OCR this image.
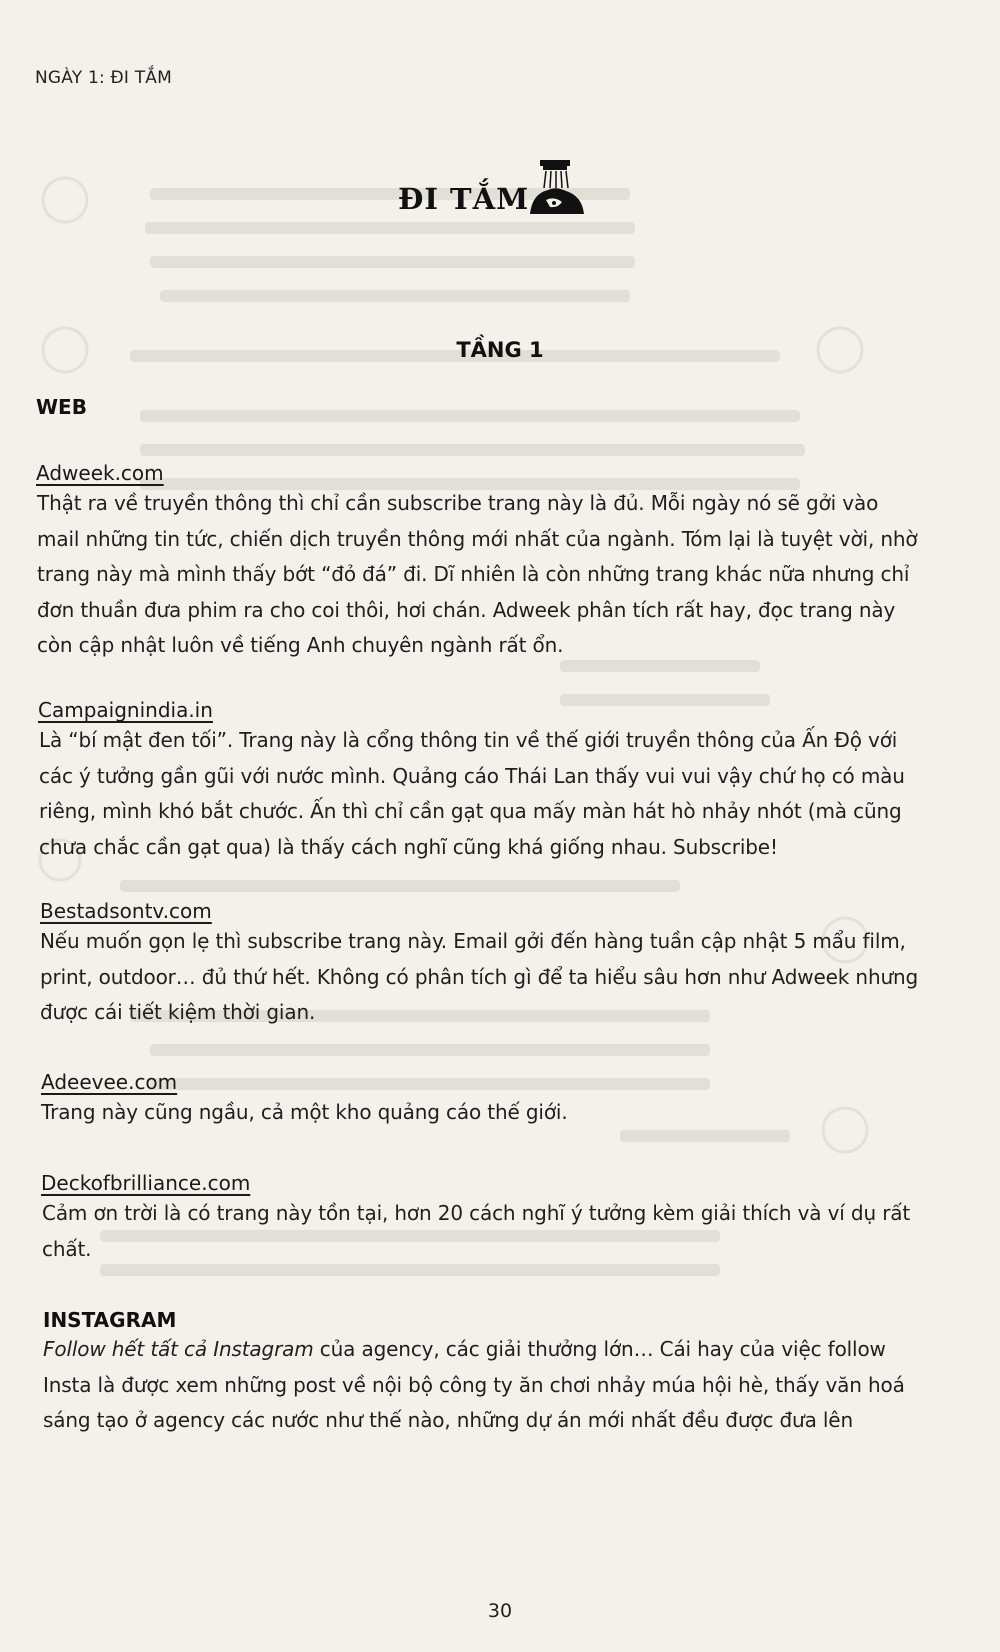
NGÀY 1: ĐI TẮM
ĐI TẮM
TẦNG 1
WEB
Adweek.com
Thật ra về truyền thông thì chỉ cần subscribe trang này là đủ. Mỗi ngày nó sẽ gởi vào mail những tin tức, chiến dịch truyền thông mới nhất của ngành. Tóm lại là tuyệt vời, nhờ trang này mà mình thấy bớt “đỏ đá” đi. Dĩ nhiên là còn những trang khác nữa nhưng chỉ đơn thuần đưa phim ra cho coi thôi, hơi chán. Adweek phân tích rất hay, đọc trang này còn cập nhật luôn về tiếng Anh chuyên ngành rất ổn.
Campaignindia.in
Là “bí mật đen tối”. Trang này là cổng thông tin về thế giới truyền thông của Ấn Độ với các ý tưởng gần gũi với nước mình. Quảng cáo Thái Lan thấy vui vui vậy chứ họ có màu riêng, mình khó bắt chước. Ấn thì chỉ cần gạt qua mấy màn hát hò nhảy nhót (mà cũng chưa chắc cần gạt qua) là thấy cách nghĩ cũng khá giống nhau. Subscribe!
Bestadsontv.com
Nếu muốn gọn lẹ thì subscribe trang này. Email gởi đến hàng tuần cập nhật 5 mẩu film, print, outdoor… đủ thứ hết. Không có phân tích gì để ta hiểu sâu hơn như Adweek nhưng được cái tiết kiệm thời gian.
Adeevee.com
Trang này cũng ngầu, cả một kho quảng cáo thế giới.
Deckofbrilliance.com
Cảm ơn trời là có trang này tồn tại, hơn 20 cách nghĩ ý tưởng kèm giải thích và ví dụ rất chất.
INSTAGRAM
Follow hết tất cả Instagram của agency, các giải thưởng lớn… Cái hay của việc follow Insta là được xem những post về nội bộ công ty ăn chơi nhảy múa hội hè, thấy văn hoá sáng tạo ở agency các nước như thế nào, những dự án mới nhất đều được đưa lên
30
